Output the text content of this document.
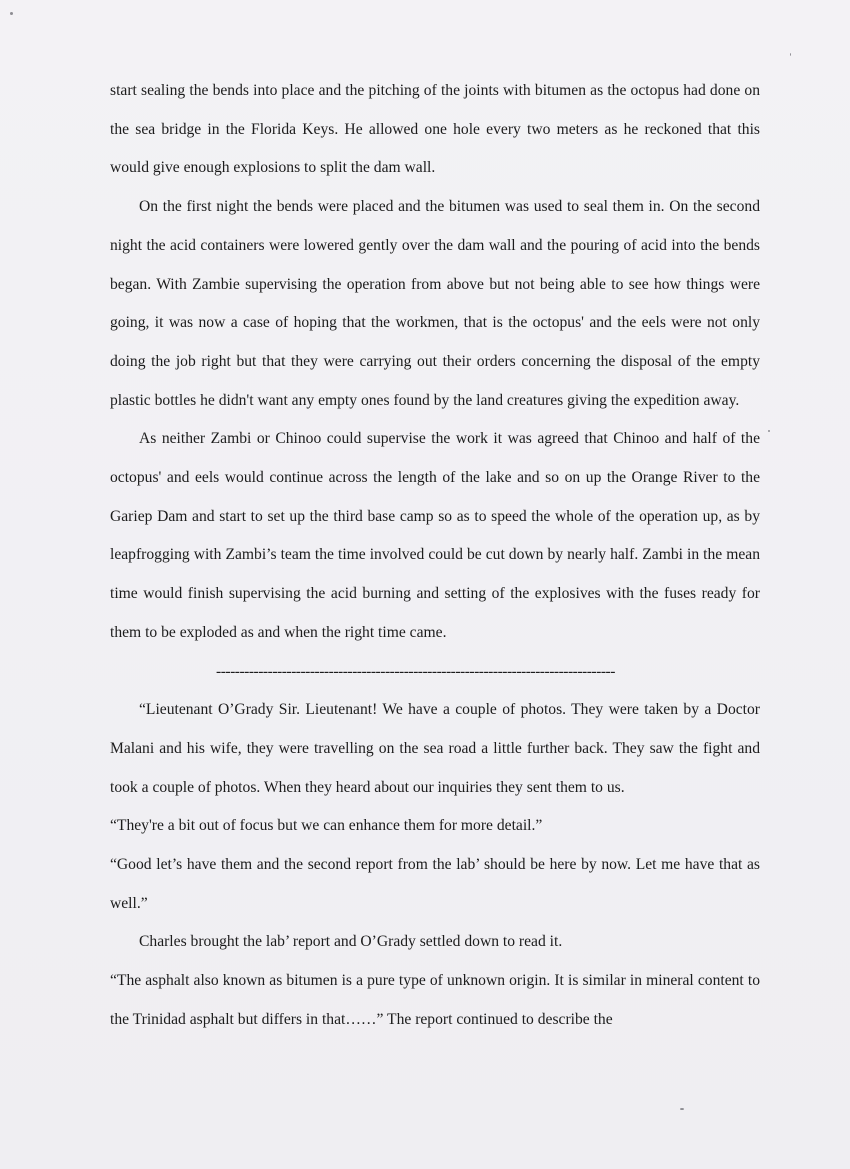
start sealing the bends into place and the pitching of the joints with bitumen as the octopus had done on the sea bridge in the Florida Keys. He allowed one hole every two meters as he reckoned that this would give enough explosions to split the dam wall.

On the first night the bends were placed and the bitumen was used to seal them in. On the second night the acid containers were lowered gently over the dam wall and the pouring of acid into the bends began. With Zambie supervising the operation from above but not being able to see how things were going, it was now a case of hoping that the workmen, that is the octopus' and the eels were not only doing the job right but that they were carrying out their orders concerning the disposal of the empty plastic bottles he didn't want any empty ones found by the land creatures giving the expedition away.

As neither Zambi or Chinoo could supervise the work it was agreed that Chinoo and half of the octopus' and eels would continue across the length of the lake and so on up the Orange River to the Gariep Dam and start to set up the third base camp so as to speed the whole of the operation up, as by leapfrogging with Zambi’s team the time involved could be cut down by nearly half. Zambi in the mean time would finish supervising the acid burning and setting of the explosives with the fuses ready for them to be exploded as and when the right time came.

-------------------------------------------------------------------------------------

“Lieutenant O’Grady Sir. Lieutenant! We have a couple of photos. They were taken by a Doctor Malani and his wife, they were travelling on the sea road a little further back. They saw the fight and took a couple of photos. When they heard about our inquiries they sent them to us.

“They're a bit out of focus but we can enhance them for more detail.”

“Good let’s have them and the second report from the lab’ should be here by now. Let me have that as well.”

Charles brought the lab’ report and O’Grady settled down to read it.

“The asphalt also known as bitumen is a pure type of unknown origin. It is similar in mineral content to the Trinidad asphalt but differs in that……” The report continued to describe the
